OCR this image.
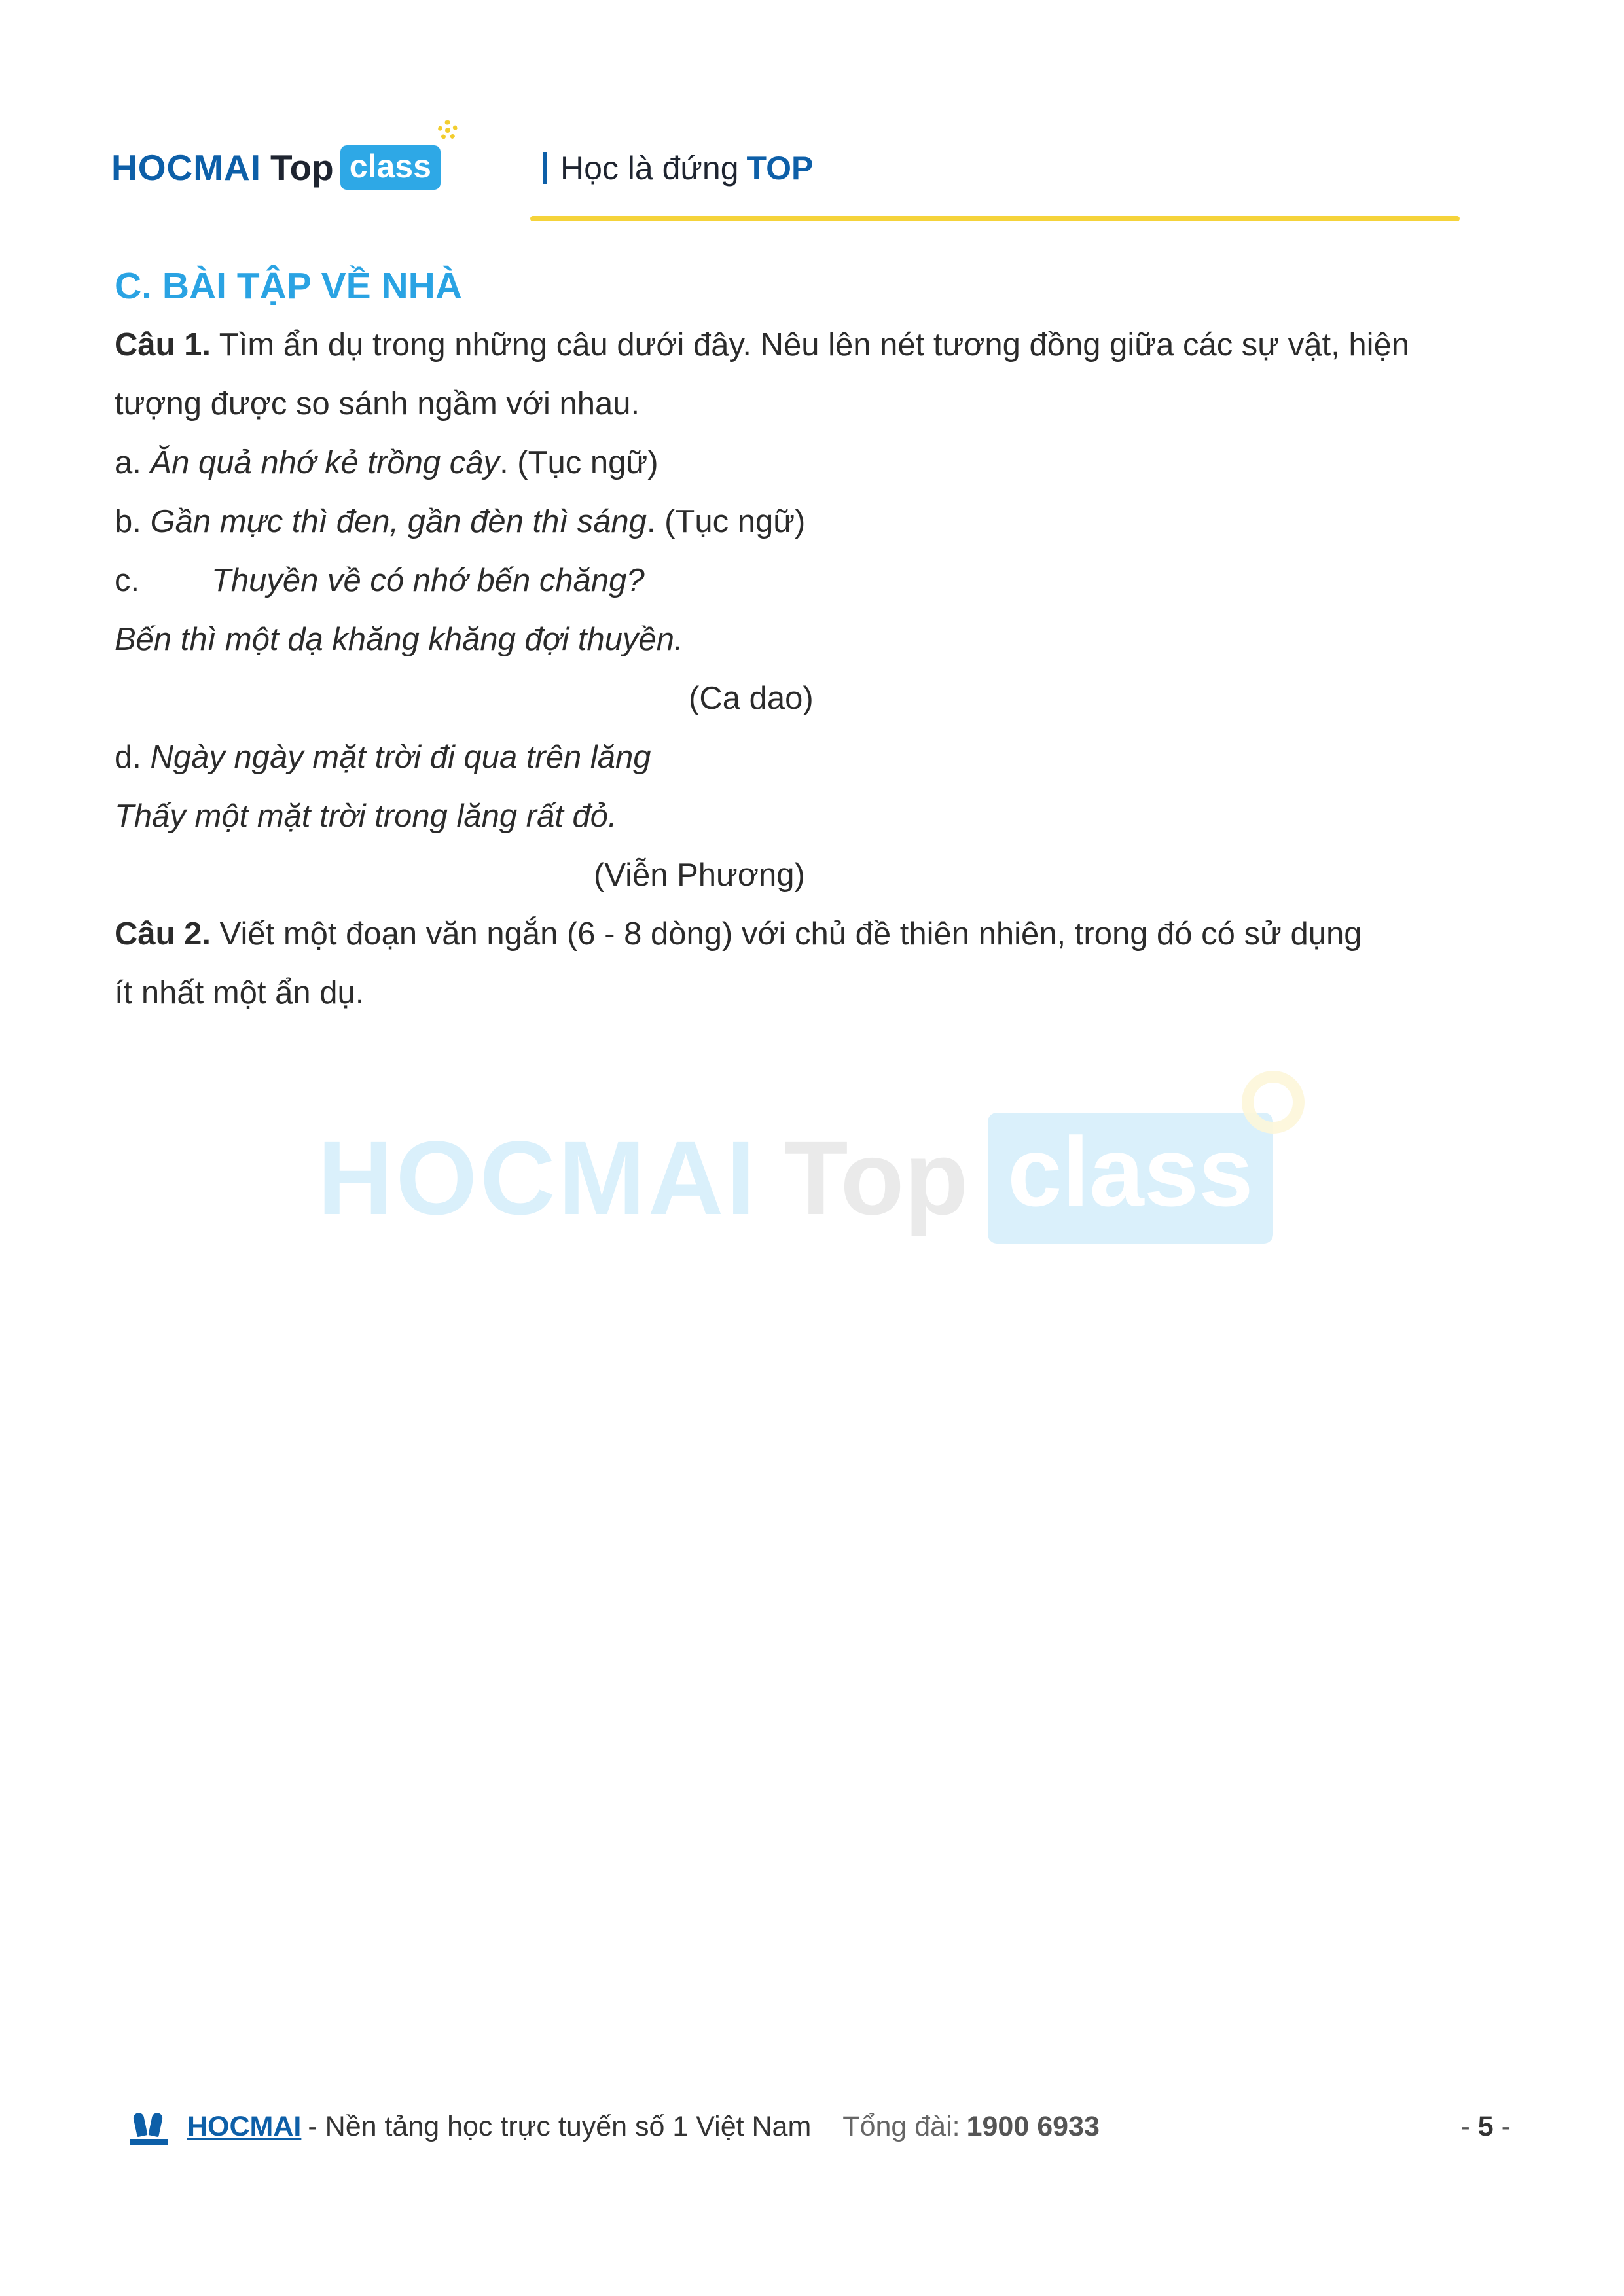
HOCMAI Top class	Học là đứng TOP
HOCMAI Top class
C. BÀI TẬP VỀ NHÀ
Câu 1. Tìm ẩn dụ trong những câu dưới đây. Nêu lên nét tương đồng giữa các sự vật, hiện
tượng được so sánh ngầm với nhau.
a. Ăn quả nhớ kẻ trồng cây. (Tục ngữ)
b. Gần mực thì đen, gần đèn thì sáng. (Tục ngữ)
c. Thuyền về có nhớ bến chăng?
Bến thì một dạ khăng khăng đợi thuyền.
(Ca dao)
d. Ngày ngày mặt trời đi qua trên lăng
Thấy một mặt trời trong lăng rất đỏ.
(Viễn Phương)
Câu 2. Viết một đoạn văn ngắn (6 - 8 dòng) với chủ đề thiên nhiên, trong đó có sử dụng
ít nhất một ẩn dụ.
HOCMAI - Nền tảng học trực tuyến số 1 Việt Nam Tổng đài: 1900 6933	- 5 -
